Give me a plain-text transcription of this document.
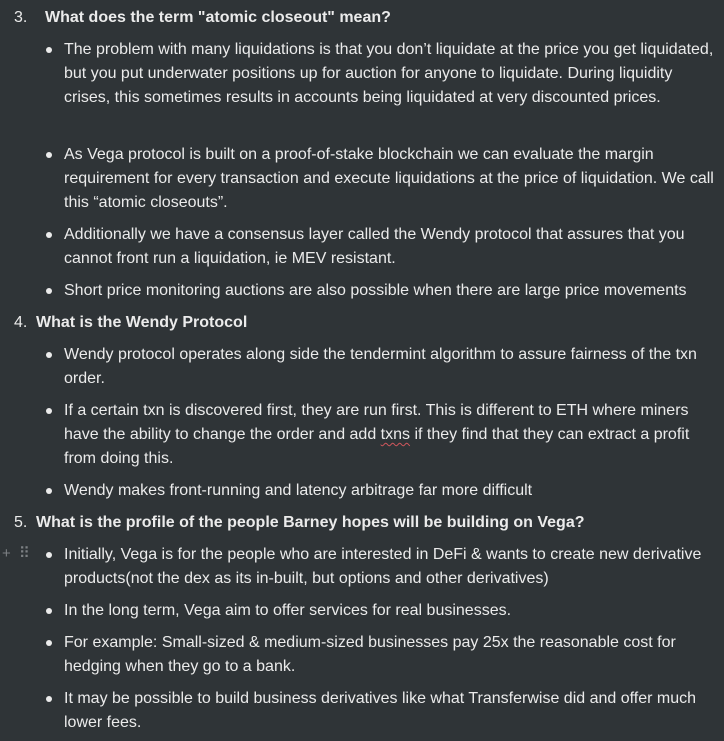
3. What does the term "atomic closeout" mean?
The problem with many liquidations is that you don’t liquidate at the price you get liquidated, but you put underwater positions up for auction for anyone to liquidate. During liquidity crises, this sometimes results in accounts being liquidated at very discounted prices.
As Vega protocol is built on a proof-of-stake blockchain we can evaluate the margin requirement for every transaction and execute liquidations at the price of liquidation. We call this “atomic closeouts”.
Additionally we have a consensus layer called the Wendy protocol that assures that you cannot front run a liquidation, ie MEV resistant.
Short price monitoring auctions are also possible when there are large price movements
4. What is the Wendy Protocol
Wendy protocol operates along side the tendermint algorithm to assure fairness of the txn order.
If a certain txn is discovered first, they are run first. This is different to ETH where miners have the ability to change the order and add txns if they find that they can extract a profit from doing this.
Wendy makes front-running and latency arbitrage far more difficult
5. What is the profile of the people Barney hopes will be building on Vega?
+ ⠿ Initially, Vega is for the people who are interested in DeFi & wants to create new derivative products(not the dex as its in-built, but options and other derivatives)
In the long term, Vega aim to offer services for real businesses.
For example: Small-sized & medium-sized businesses pay 25x the reasonable cost for hedging when they go to a bank.
It may be possible to build business derivatives like what Transferwise did and offer much lower fees.
